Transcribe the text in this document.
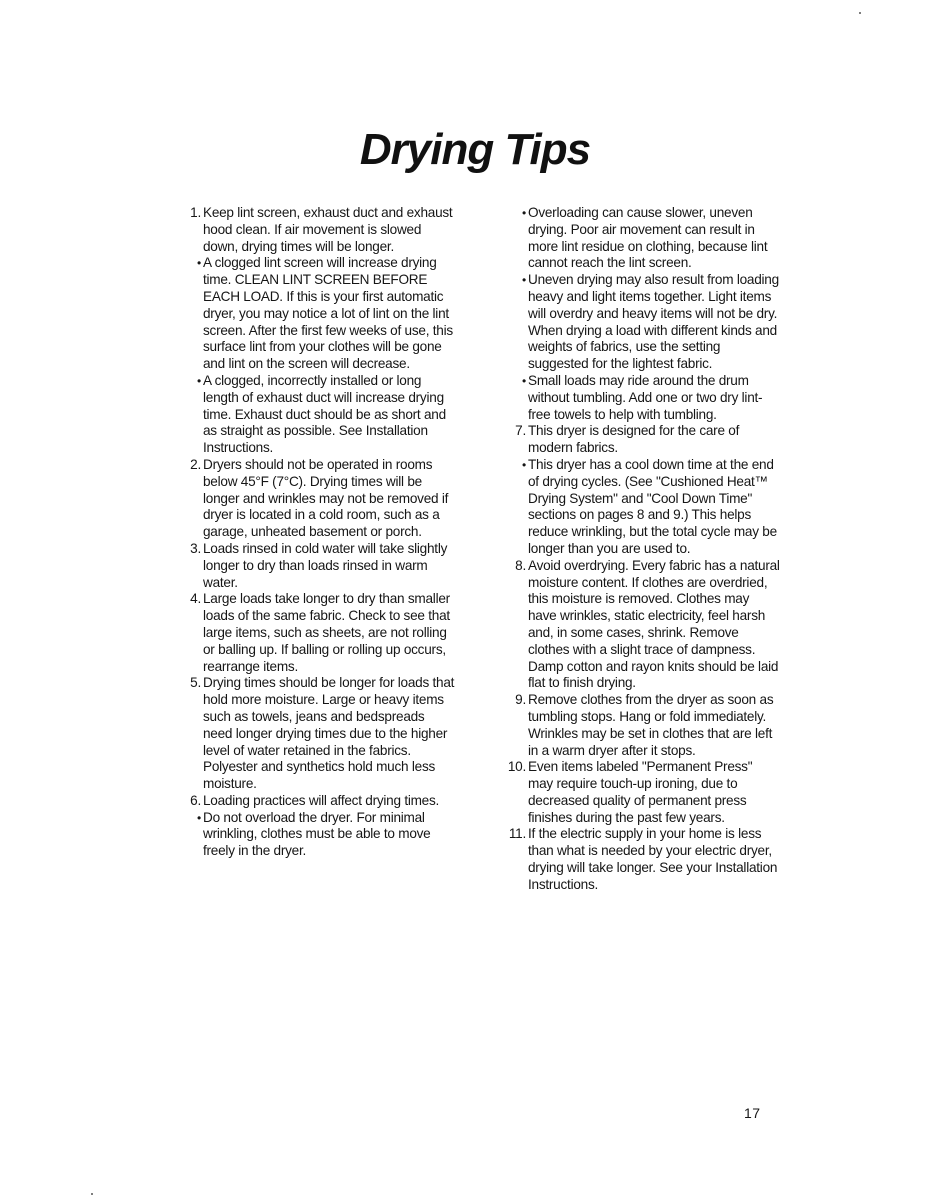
Drying Tips
1. Keep lint screen, exhaust duct and exhaust hood clean. If air movement is slowed down, drying times will be longer.
• A clogged lint screen will increase drying time. CLEAN LINT SCREEN BEFORE EACH LOAD. If this is your first automatic dryer, you may notice a lot of lint on the lint screen. After the first few weeks of use, this surface lint from your clothes will be gone and lint on the screen will decrease.
• A clogged, incorrectly installed or long length of exhaust duct will increase drying time. Exhaust duct should be as short and as straight as possible. See Installation Instructions.
2. Dryers should not be operated in rooms below 45°F (7°C). Drying times will be longer and wrinkles may not be removed if dryer is located in a cold room, such as a garage, unheated basement or porch.
3. Loads rinsed in cold water will take slightly longer to dry than loads rinsed in warm water.
4. Large loads take longer to dry than smaller loads of the same fabric. Check to see that large items, such as sheets, are not rolling or balling up. If balling or rolling up occurs, rearrange items.
5. Drying times should be longer for loads that hold more moisture. Large or heavy items such as towels, jeans and bedspreads need longer drying times due to the higher level of water retained in the fabrics. Polyester and synthetics hold much less moisture.
6. Loading practices will affect drying times.
• Do not overload the dryer. For minimal wrinkling, clothes must be able to move freely in the dryer.
• Overloading can cause slower, uneven drying. Poor air movement can result in more lint residue on clothing, because lint cannot reach the lint screen.
• Uneven drying may also result from loading heavy and light items together. Light items will overdry and heavy items will not be dry. When drying a load with different kinds and weights of fabrics, use the setting suggested for the lightest fabric.
• Small loads may ride around the drum without tumbling. Add one or two dry lint-free towels to help with tumbling.
7. This dryer is designed for the care of modern fabrics.
• This dryer has a cool down time at the end of drying cycles. (See "Cushioned Heat™ Drying System" and "Cool Down Time" sections on pages 8 and 9.) This helps reduce wrinkling, but the total cycle may be longer than you are used to.
8. Avoid overdrying. Every fabric has a natural moisture content. If clothes are overdried, this moisture is removed. Clothes may have wrinkles, static electricity, feel harsh and, in some cases, shrink. Remove clothes with a slight trace of dampness. Damp cotton and rayon knits should be laid flat to finish drying.
9. Remove clothes from the dryer as soon as tumbling stops. Hang or fold immediately. Wrinkles may be set in clothes that are left in a warm dryer after it stops.
10. Even items labeled "Permanent Press" may require touch-up ironing, due to decreased quality of permanent press finishes during the past few years.
11. If the electric supply in your home is less than what is needed by your electric dryer, drying will take longer. See your Installation Instructions.
17
